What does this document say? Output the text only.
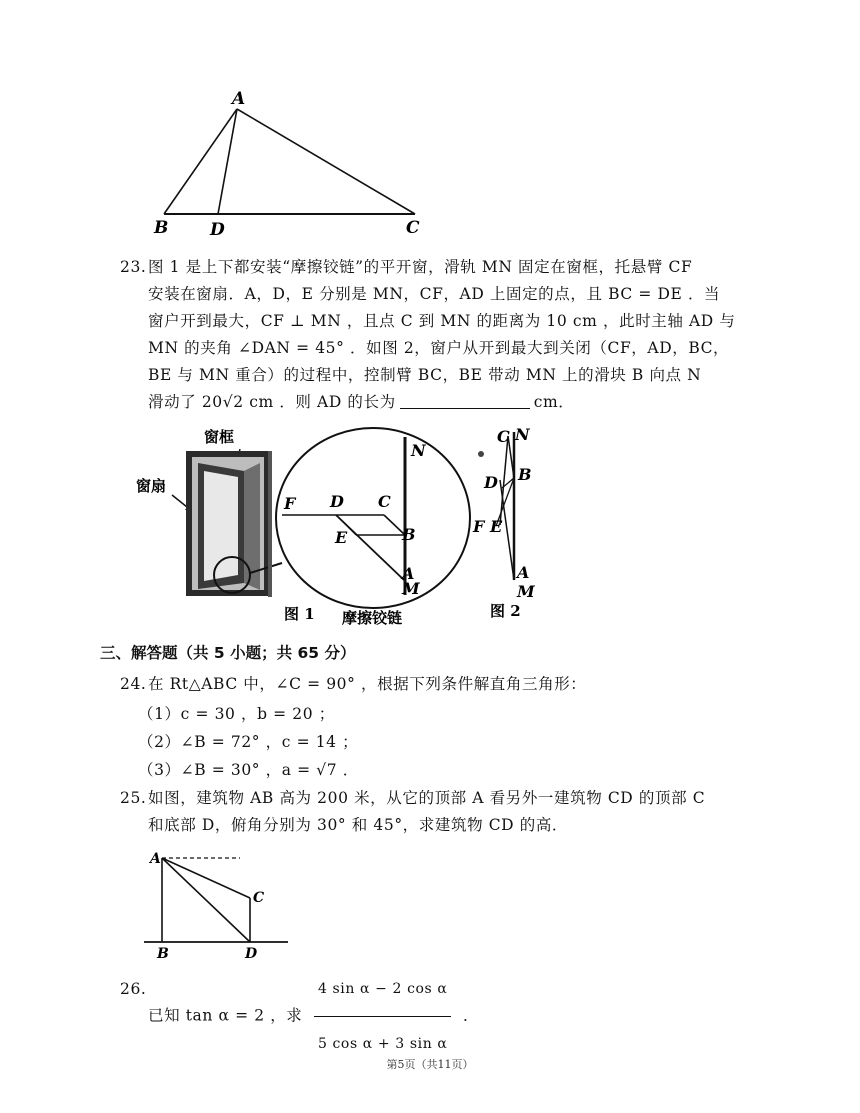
A
B D	C
23. 图 1 是上下都安装“摩擦铰链”的平开窗，滑轨 MN 固定在窗框，托悬臂 CF
安装在窗扇．A，D，E 分别是 MN，CF，AD 上固定的点，且 BC = DE ．当
窗户开到最大，CF ⊥ MN ，且点 C 到 MN 的距离为 10 cm ，此时主轴 AD 与
MN 的夹角 ∠DAN = 45° ．如图 2，窗户从开到最大到关闭（CF，AD，BC，
BE 与 MN 重合）的过程中，控制臂 BC，BE 带动 MN 上的滑块 B 向点 N
滑动了 20√2 cm ．则 AD 的长为	cm．
窗框
窗扇
图 1
N
F D C
E	B
A
M
摩擦铰链
C N
B
D
F E
A
M
图 2
三、解答题（共 5 小题；共 65 分）
24. 在 Rt△ABC 中，∠C = 90° ，根据下列条件解直角三角形：
（1）c = 30 ，b = 20 ；
（2）∠B = 72° ，c = 14 ；
（3）∠B = 30° ，a = √7 ．
25. 如图，建筑物 AB 高为 200 米，从它的顶部 A 看另外一建筑物 CD 的顶部 C
和底部 D，俯角分别为 30° 和 45°，求建筑物 CD 的高．
A
B
C
D
26.
已知 tan α = 2 ，求 $\frac{\text{4 sin α − 2 cos α}}{\text{5 cos α + 3 sin α}}$ ．
第5页（共11页）
